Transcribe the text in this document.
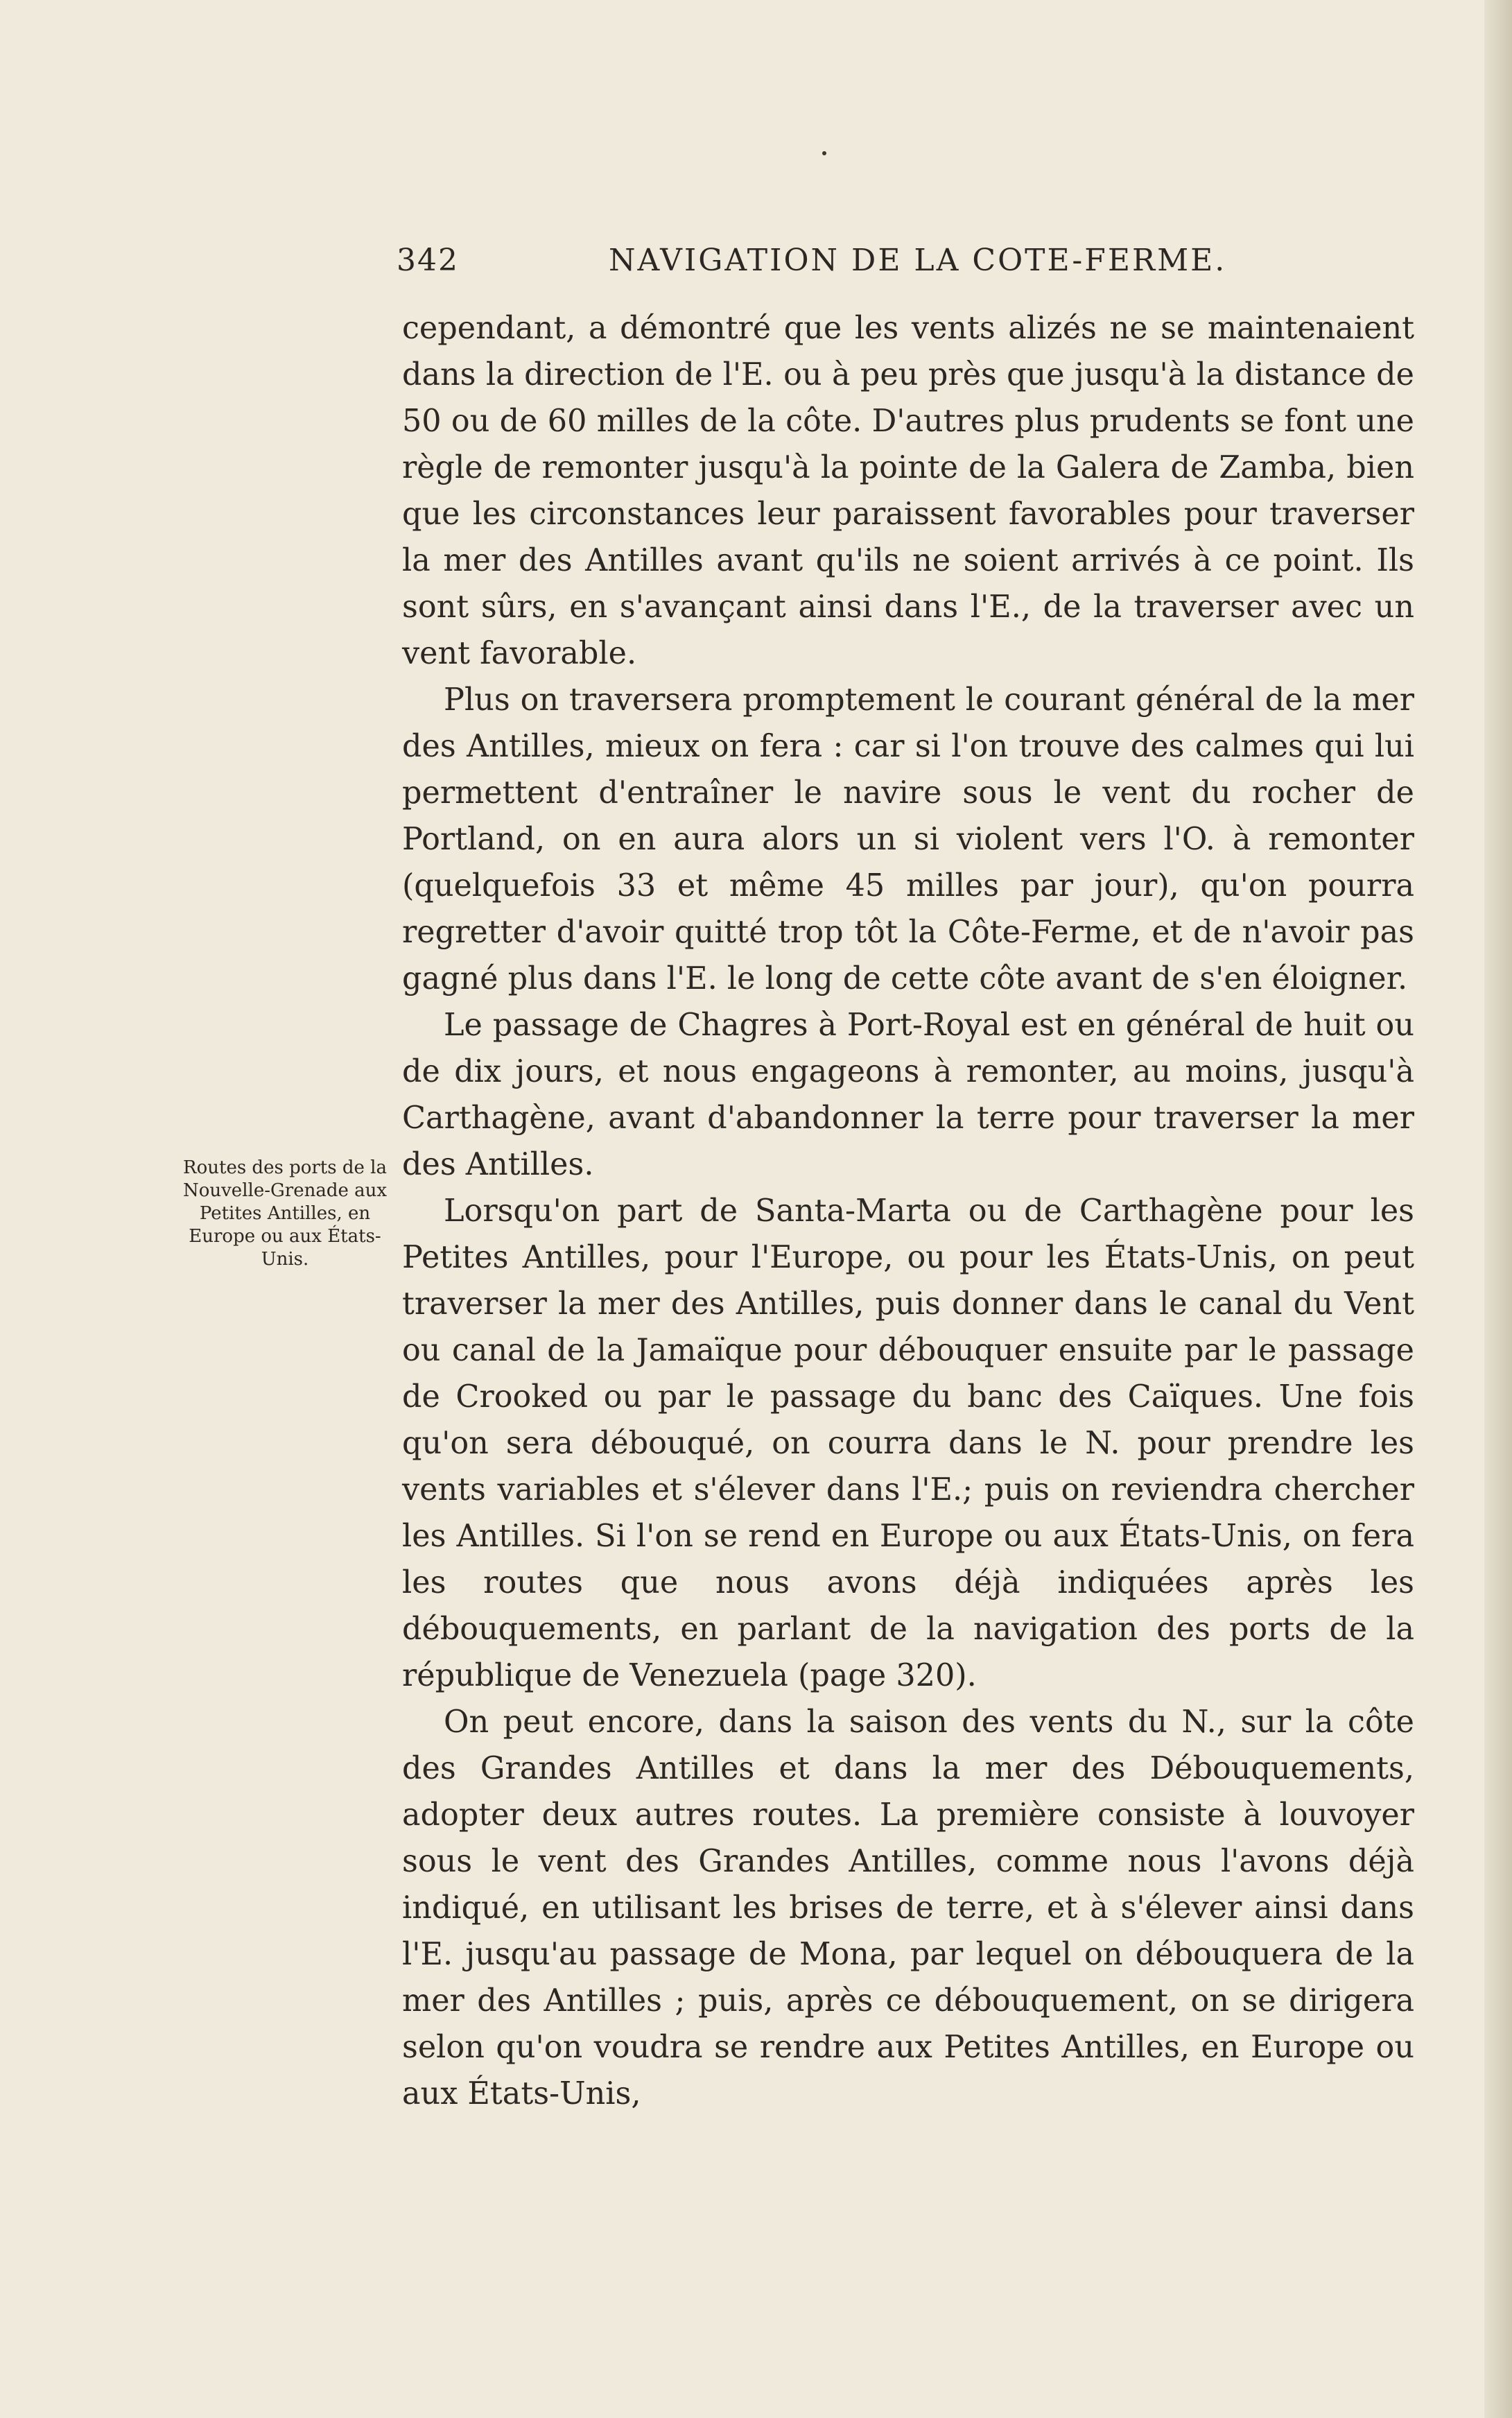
342	NAVIGATION DE LA COTE-FERME.
Routes des ports de la Nouvelle-Grenade aux Petites Antilles, en Europe ou aux États-Unis.

cependant, a démontré que les vents alizés ne se maintenaient dans la direction de l'E. ou à peu près que jusqu'à la distance de 50 ou de 60 milles de la côte. D'autres plus prudents se font une règle de remonter jusqu'à la pointe de la Galera de Zamba, bien que les circonstances leur paraissent favorables pour traverser la mer des Antilles avant qu'ils ne soient arrivés à ce point. Ils sont sûrs, en s'avançant ainsi dans l'E., de la traverser avec un vent favorable.

Plus on traversera promptement le courant général de la mer des Antilles, mieux on fera : car si l'on trouve des calmes qui lui permettent d'entraîner le navire sous le vent du rocher de Portland, on en aura alors un si violent vers l'O. à remonter (quelquefois 33 et même 45 milles par jour), qu'on pourra regretter d'avoir quitté trop tôt la Côte-Ferme, et de n'avoir pas gagné plus dans l'E. le long de cette côte avant de s'en éloigner.

Le passage de Chagres à Port-Royal est en général de huit ou de dix jours, et nous engageons à remonter, au moins, jusqu'à Carthagène, avant d'abandonner la terre pour traverser la mer des Antilles.

Lorsqu'on part de Santa-Marta ou de Carthagène pour les Petites Antilles, pour l'Europe, ou pour les États-Unis, on peut traverser la mer des Antilles, puis donner dans le canal du Vent ou canal de la Jamaïque pour débouquer ensuite par le passage de Crooked ou par le passage du banc des Caïques. Une fois qu'on sera débouqué, on courra dans le N. pour prendre les vents variables et s'élever dans l'E.; puis on reviendra chercher les Antilles. Si l'on se rend en Europe ou aux États-Unis, on fera les routes que nous avons déjà indiquées après les débouquements, en parlant de la navigation des ports de la république de Venezuela (page 320).

On peut encore, dans la saison des vents du N., sur la côte des Grandes Antilles et dans la mer des Débouquements, adopter deux autres routes. La première consiste à louvoyer sous le vent des Grandes Antilles, comme nous l'avons déjà indiqué, en utilisant les brises de terre, et à s'élever ainsi dans l'E. jusqu'au passage de Mona, par lequel on débouquera de la mer des Antilles ; puis, après ce débouquement, on se dirigera selon qu'on voudra se rendre aux Petites Antilles, en Europe ou aux États-Unis,
